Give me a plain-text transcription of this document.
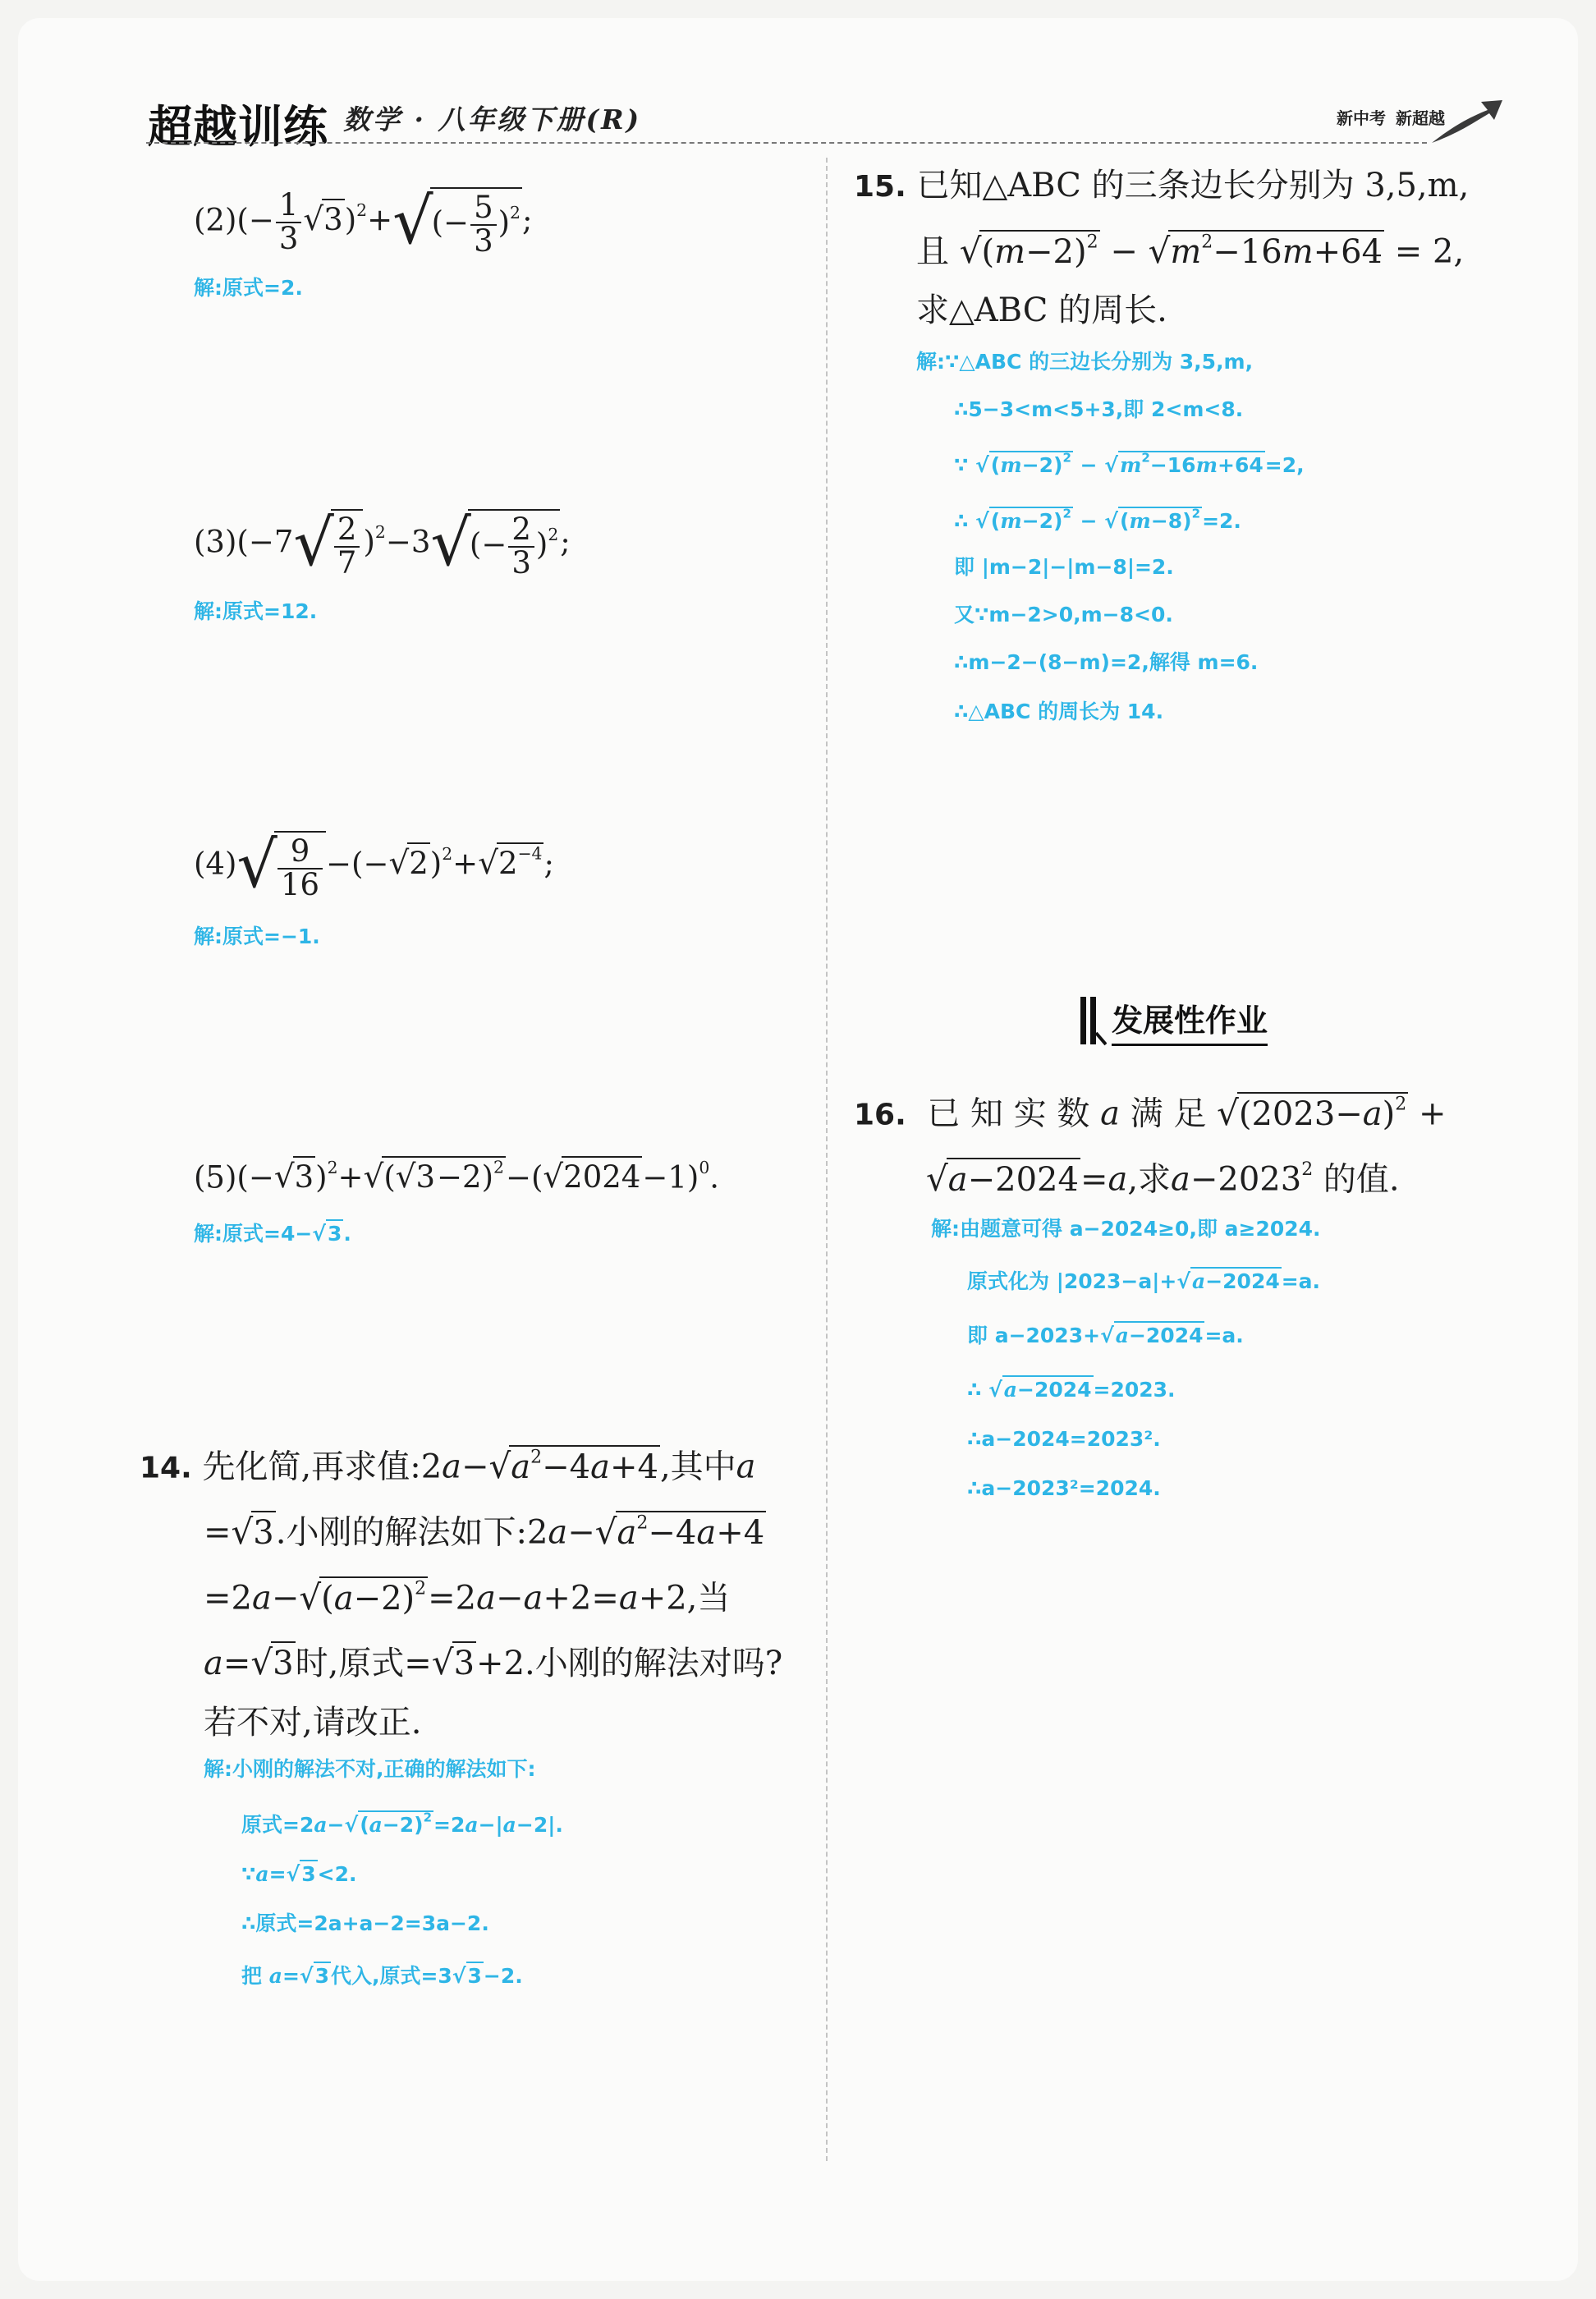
超越训练 数学 · 八年级下册(R)	新中考 新超越
$(2)(- \frac{1}{3} √3)^2+√(- \frac{5}{3} )^2$;
解:原式=2.
$(3)(-7√ \frac{2}{7} )^2-3√(- \frac{2}{3} )^2$;
解:原式=12.
$(4)√ \frac{9}{16} -(-√2)^2+√2^{-4}$;
解:原式=−1.
$(5)(-√3)^2+√(√3-2)^2-(√2024-1)^0$.
解:原式=4−√3.
14. 先化简,再求值$:2a-√a^2-4a+4$,其中a
=√3.小刚的解法如下$:2a-√a^2-4a+4$
$=2a-√(a-2)^2=2a-a+2=a+2$,当
a=√3时,原式=√3+2.小刚的解法对吗?
若不对,请改正.
解:小刚的解法不对,正确的解法如下:
原式$=2a-√(a-2)^2=2a-|a-2|$.
∵a=√3<2.
∴原式=2a+a−2=3a−2.
把 a=√3代入,原式=3√3−2.
15. 已知△ABC 的三条边长分别为 3,5,m,
且 $√(m-2)^2 - √m^2-16m+64 = 2$,
求△ABC 的周长.
解:∵△ABC 的三边长分别为 3,5,m,
∴5−3<m<5+3,即 2<m<8.
∵ $√(m-2)^2 - √m^2-16m+64=2$,
∴ $√(m-2)^2 - √(m-8)^2=2$.
即 |m−2|−|m−8|=2.
又∵m−2>0,m−8<0.
∴m−2−(8−m)=2,解得 m=6.
∴△ABC 的周长为 14.
发展性作业
16. 已 知 实 数 a 满 足 $√(2023-a)^2$ +
√a−2024=a,求$a-2023^2$ 的值.
解:由题意可得 a−2024≥0,即 a≥2024.
原式化为 |2023−a|+√a−2024=a.
即 a−2023+√a−2024=a.
∴ √a−2024=2023.
∴a−2024=2023².
∴a−2023²=2024.
